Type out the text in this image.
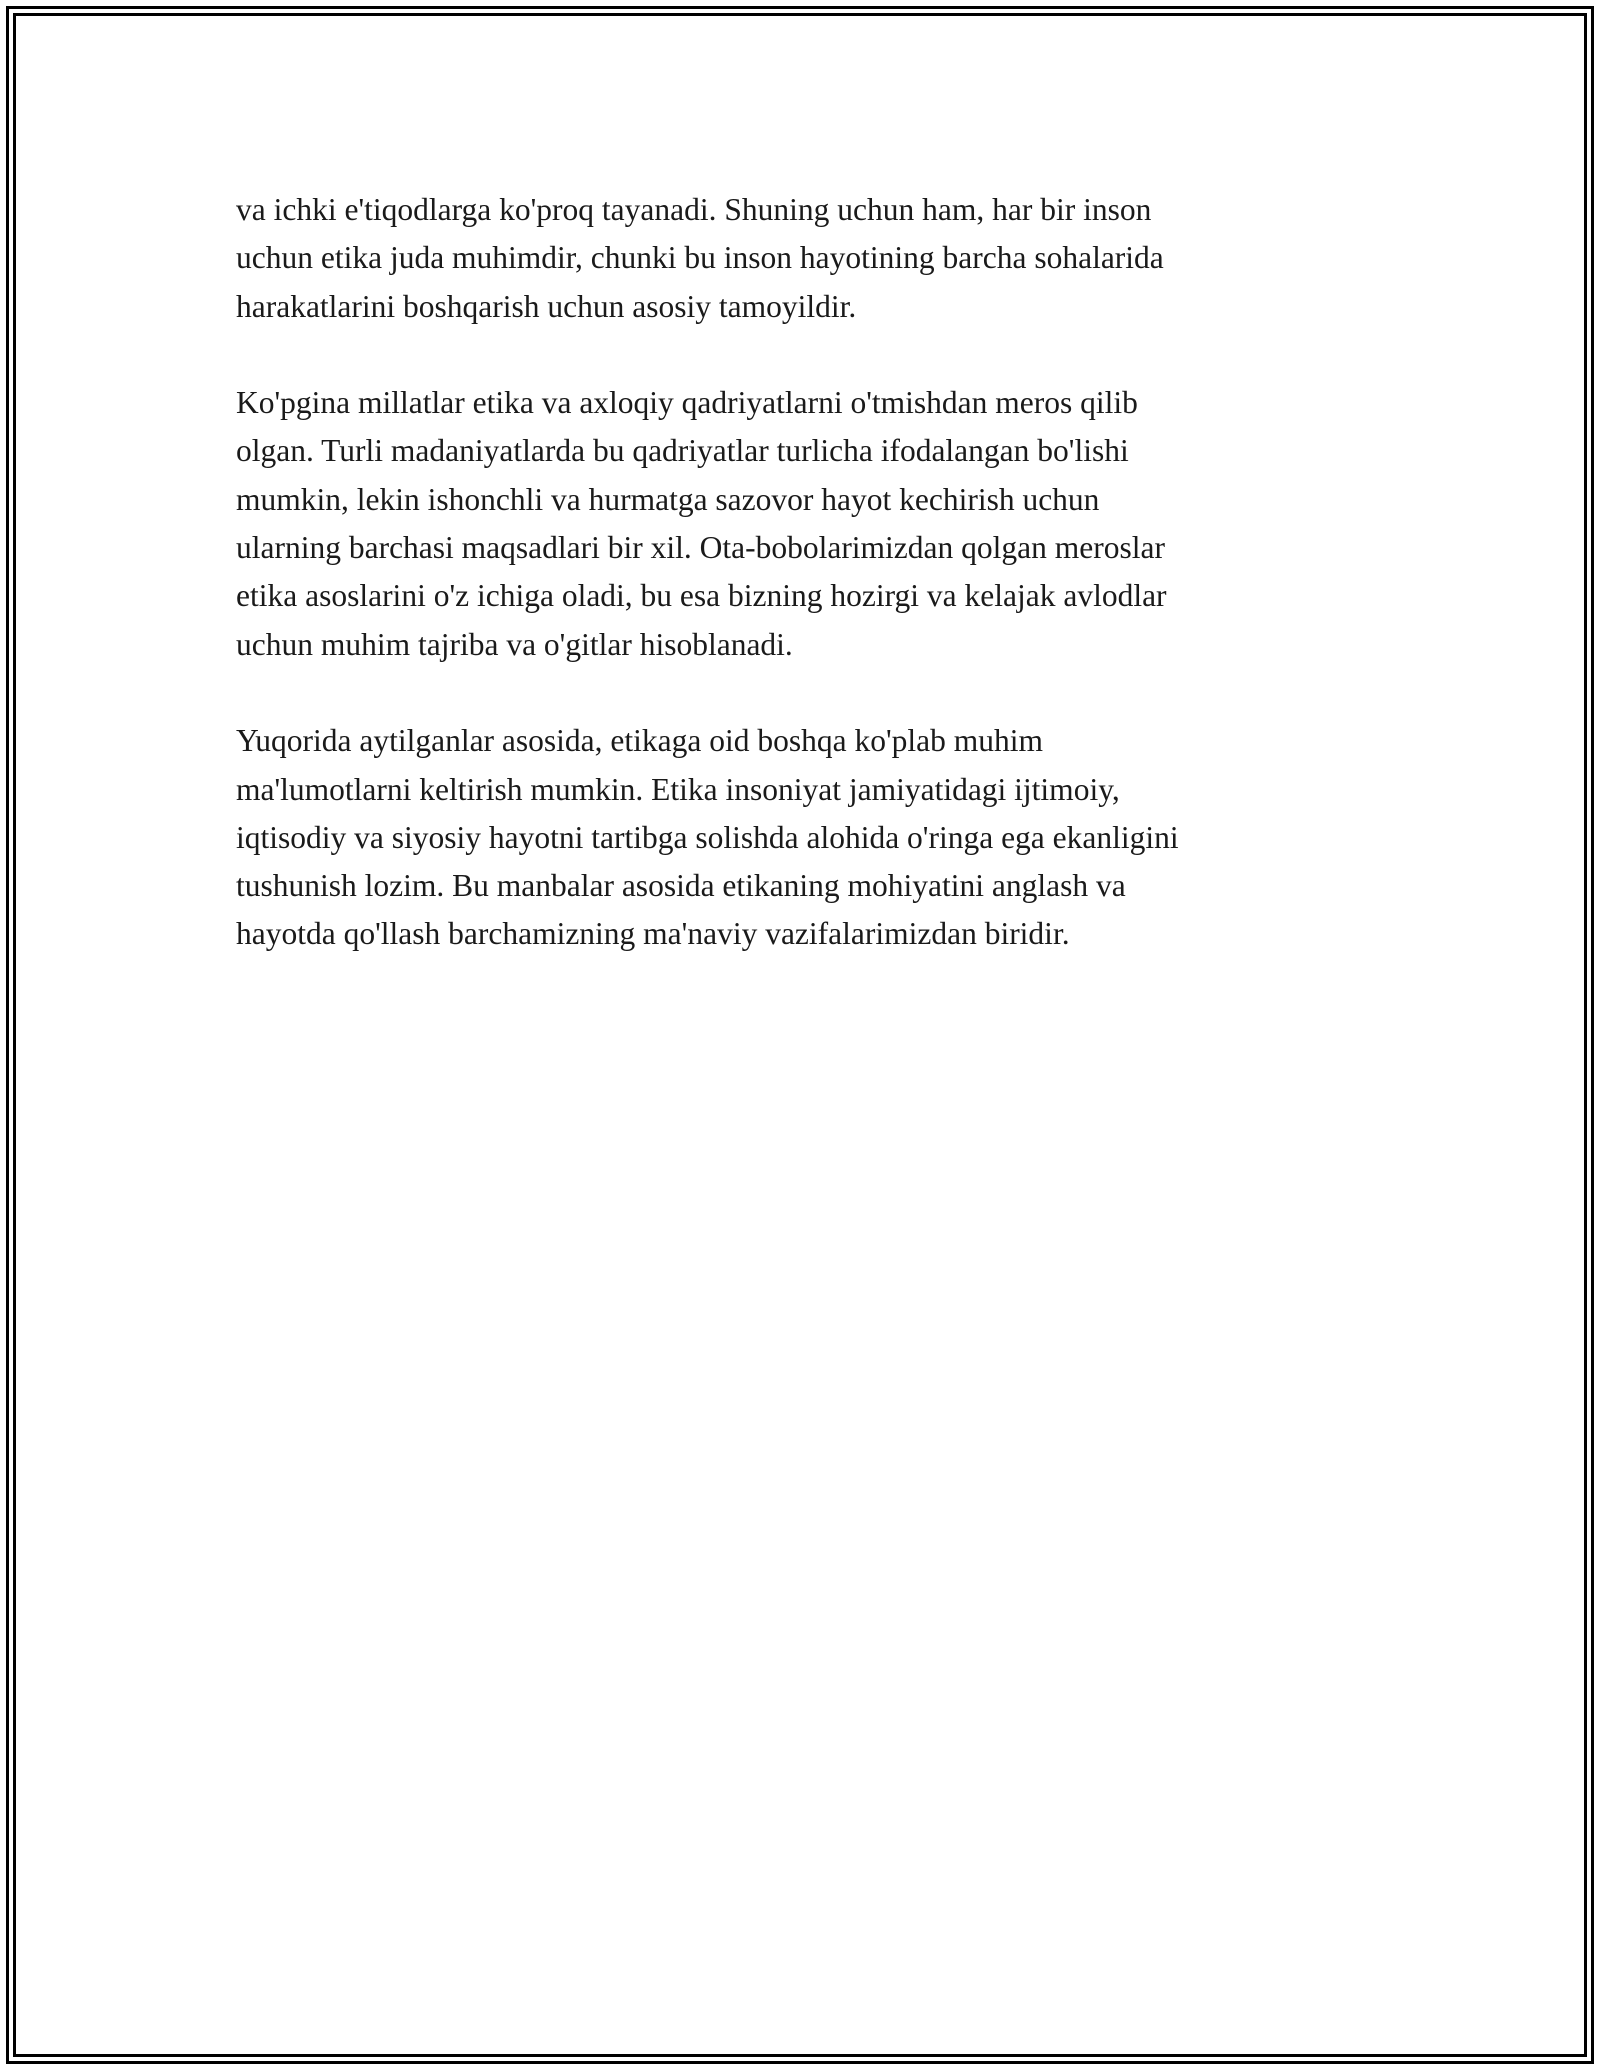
va ichki e'tiqodlarga ko'proq tayanadi. Shuning uchun ham, har bir inson
uchun etika juda muhimdir, chunki bu inson hayotining barcha sohalarida
harakatlarini boshqarish uchun asosiy tamoyildir.

Ko'pgina millatlar etika va axloqiy qadriyatlarni o'tmishdan meros qilib
olgan. Turli madaniyatlarda bu qadriyatlar turlicha ifodalangan bo'lishi
mumkin, lekin ishonchli va hurmatga sazovor hayot kechirish uchun
ularning barchasi maqsadlari bir xil. Ota-bobolarimizdan qolgan meroslar
etika asoslarini o'z ichiga oladi, bu esa bizning hozirgi va kelajak avlodlar
uchun muhim tajriba va o'gitlar hisoblanadi.

Yuqorida aytilganlar asosida, etikaga oid boshqa ko'plab muhim
ma'lumotlarni keltirish mumkin. Etika insoniyat jamiyatidagi ijtimoiy,
iqtisodiy va siyosiy hayotni tartibga solishda alohida o'ringa ega ekanligini
tushunish lozim. Bu manbalar asosida etikaning mohiyatini anglash va
hayotda qo'llash barchamizning ma'naviy vazifalarimizdan biridir.
